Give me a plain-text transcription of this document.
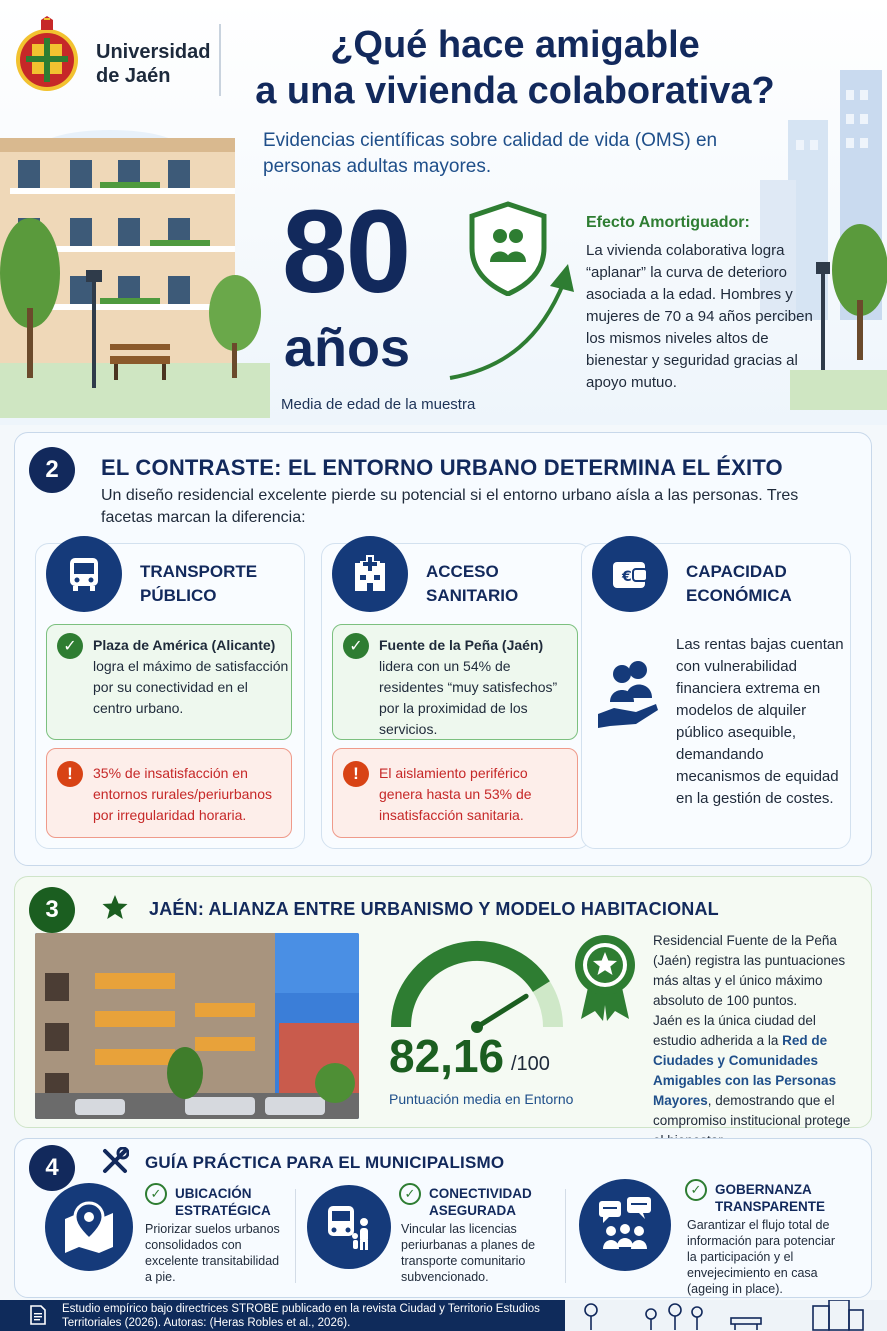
Universidad de Jaén
¿Qué hace amigable
a una vivienda colaborativa?
Evidencias científicas sobre calidad de vida (OMS) en personas adultas mayores.
80
años
Media de edad de la muestra
Efecto Amortiguador:
La vivienda colaborativa logra “aplanar” la curva de deterioro asociada a la edad. Hombres y mujeres de 70 a 94 años perciben los mismos niveles altos de bienestar y seguridad gracias al apoyo mutuo.
2	EL CONTRASTE: EL ENTORNO URBANO DETERMINA EL ÉXITO
Un diseño residencial excelente pierde su potencial si el entorno urbano aísla a las personas. Tres facetas marcan la diferencia:
TRANSPORTE PÚBLICO
✓	Plaza de América (Alicante) logra el máximo de satisfacción por su conectividad en el centro urbano.
!	35% de insatisfacción en entornos rurales/periurbanos por irregularidad horaria.
ACCESO SANITARIO
✓	Fuente de la Peña (Jaén) lidera con un 54% de residentes “muy satisfechos” por la proximidad de los servicios.
!	El aislamiento periférico genera hasta un 53% de insatisfacción sanitaria.
€	CAPACIDAD ECONÓMICA
Las rentas bajas cuentan con vulnerabilidad financiera extrema en modelos de alquiler público asequible, demandando mecanismos de equidad en la gestión de costes.
3	JAÉN: ALIANZA ENTRE URBANISMO Y MODELO HABITACIONAL
82,16 /100
Puntuación media en Entorno
Residencial Fuente de la Peña (Jaén) registra las puntuaciones más altas y el único máximo absoluto de 100 puntos.
Jaén es la única ciudad del estudio adherida a la Red de Ciudades y Comunidades Amigables con las Personas Mayores, demostrando que el compromiso institucional protege
4	GUÍA PRÁCTICA PARA EL MUNICIPALISMO
✓	UBICACIÓN ESTRATÉGICA
Priorizar suelos urbanos consolidados con excelente transitabilidad a pie.
✓	CONECTIVIDAD ASEGURADA
Vincular las licencias periurbanas a planes de transporte comunitario subvencionado.
✓	GOBERNANZA TRANSPARENTE
Garantizar el flujo total de información para potenciar la participación y el envejecimiento en casa (ageing in place).
Estudio empírico bajo directrices STROBE publicado en la revista Ciudad y Territorio Estudios Territoriales (2026). Autoras: (Heras Robles et al., 2026).
